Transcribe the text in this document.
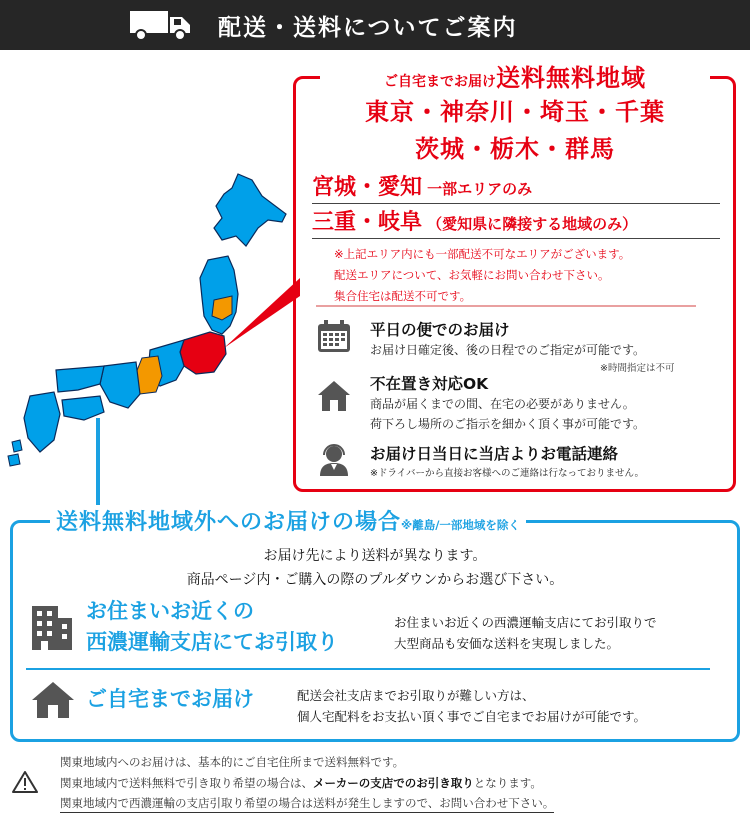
配送・送料についてご案内
ご自宅までお届け送料無料地域
東京・神奈川・埼玉・千葉
茨城・栃木・群馬
宮城・愛知 一部エリアのみ
三重・岐阜 （愛知県に隣接する地域のみ）
※上記エリア内にも一部配送不可なエリアがございます。
配送エリアについて、お気軽にお問い合わせ下さい。
集合住宅は配送不可です。
平日の便でのお届け
お届け日確定後、後の日程でのご指定が可能です。
※時間指定は不可
不在置き対応OK
商品が届くまでの間、在宅の必要がありません。
荷下ろし場所のご指示を細かく頂く事が可能です。
お届け日当日に当店よりお電話連絡
※ドライバーから直接お客様へのご連絡は行なっておりません。
送料無料地域外へのお届けの場合※離島/一部地域を除く
お届け先により送料が異なります。
商品ページ内・ご購入の際のプルダウンからお選び下さい。
お住まいお近くの
西濃運輸支店にてお引取り
お住まいお近くの西濃運輸支店にてお引取りで
大型商品も安価な送料を実現しました。
ご自宅までお届け	配送会社支店までお引取りが難しい方は、
個人宅配料をお支払い頂く事でご自宅までお届けが可能です。
関東地域内へのお届けは、基本的にご自宅住所まで送料無料です。
関東地域内で送料無料で引き取り希望の場合は、メーカーの支店でのお引き取りとなります。
関東地域内で西濃運輸の支店引取り希望の場合は送料が発生しますので、お問い合わせ下さい。
